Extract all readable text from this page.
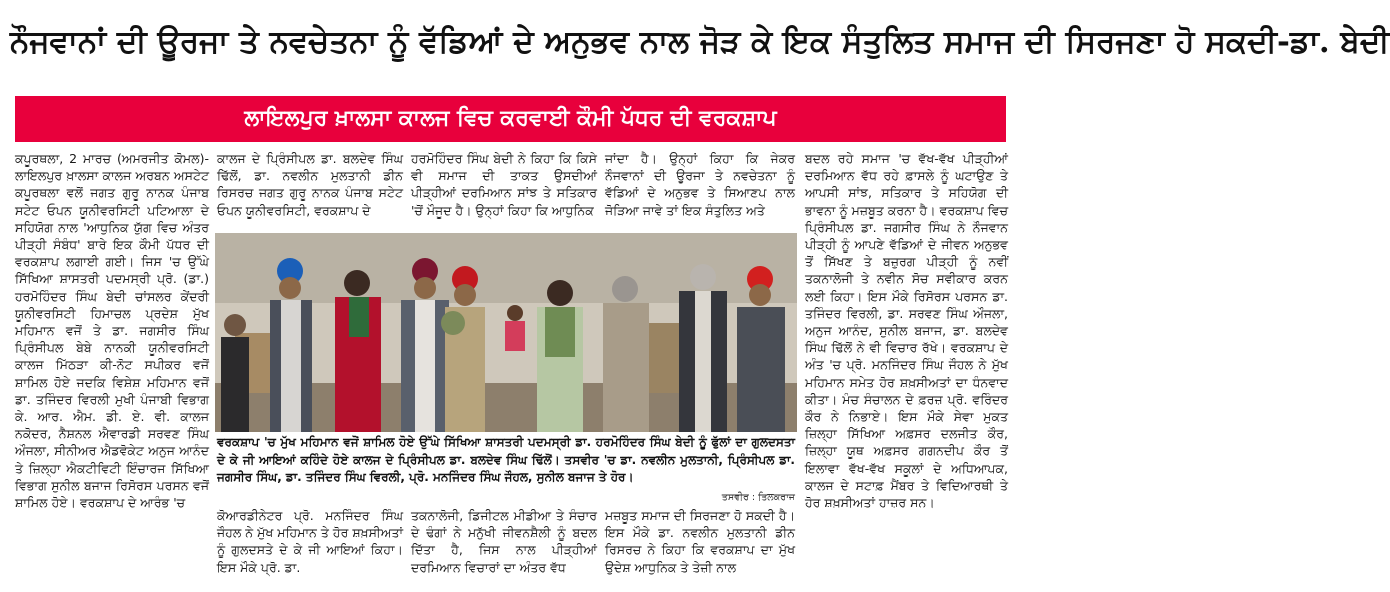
ਨੌਜਵਾਨਾਂ ਦੀ ਊਰਜਾ ਤੇ ਨਵਚੇਤਨਾ ਨੂੰ ਵੱਡਿਆਂ ਦੇ ਅਨੁਭਵ ਨਾਲ ਜੋੜ ਕੇ ਇਕ ਸੰਤੁਲਿਤ ਸਮਾਜ ਦੀ ਸਿਰਜਣਾ ਹੋ ਸਕਦੀ-ਡਾ. ਬੇਦੀ
ਲਾਇਲਪੁਰ ਖ਼ਾਲਸਾ ਕਾਲਜ ਵਿਚ ਕਰਵਾਈ ਕੌਮੀ ਪੱਧਰ ਦੀ ਵਰਕਸ਼ਾਪ

ਕਪੂਰਥਲਾ, 2 ਮਾਰਚ (ਅਮਰਜੀਤ ਕੋਮਲ)-ਲਾਇਲਪੁਰ ਖ਼ਾਲਸਾ ਕਾਲਜ ਅਰਬਨ ਅਸਟੇਟ ਕਪੂਰਥਲਾ ਵਲੋਂ ਜਗਤ ਗੁਰੂ ਨਾਨਕ ਪੰਜਾਬ ਸਟੇਟ ਓਪਨ ਯੂਨੀਵਰਸਿਟੀ ਪਟਿਆਲਾ ਦੇ ਸਹਿਯੋਗ ਨਾਲ 'ਆਧੁਨਿਕ ਯੁੱਗ ਵਿਚ ਅੰਤਰ ਪੀੜ੍ਹੀ ਸੰਬੰਧ' ਬਾਰੇ ਇਕ ਕੌਮੀ ਪੱਧਰ ਦੀ ਵਰਕਸ਼ਾਪ ਲਗਾਈ ਗਈ। ਜਿਸ 'ਚ ਉੱਘੇ ਸਿੱਖਿਆ ਸ਼ਾਸਤਰੀ ਪਦਮਸ੍ਰੀ ਪ੍ਰੋ. (ਡਾ.) ਹਰਮੋਹਿੰਦਰ ਸਿੰਘ ਬੇਦੀ ਚਾਂਸਲਰ ਕੇਂਦਰੀ ਯੂਨੀਵਰਸਿਟੀ ਹਿਮਾਚਲ ਪ੍ਰਦੇਸ਼ ਮੁੱਖ ਮਹਿਮਾਨ ਵਜੋਂ ਤੇ ਡਾ. ਜਗਸੀਰ ਸਿੰਘ ਪ੍ਰਿੰਸੀਪਲ ਬੇਬੇ ਨਾਨਕੀ ਯੂਨੀਵਰਸਿਟੀ ਕਾਲਜ ਮਿੱਠੜਾ ਕੀ-ਨੋਟ ਸਪੀਕਰ ਵਜੋਂ ਸ਼ਾਮਿਲ ਹੋਏ ਜਦਕਿ ਵਿਸ਼ੇਸ਼ ਮਹਿਮਾਨ ਵਜੋਂ ਡਾ. ਤਜਿੰਦਰ ਵਿਰਲੀ ਮੁਖੀ ਪੰਜਾਬੀ ਵਿਭਾਗ ਕੇ. ਆਰ. ਐਮ. ਡੀ. ਏ. ਵੀ. ਕਾਲਜ ਨਕੋਦਰ, ਨੈਸ਼ਨਲ ਐਵਾਰਡੀ ਸਰਵਣ ਸਿੰਘ ਔਜਲਾ, ਸੀਨੀਅਰ ਐਡਵੋਕੇਟ ਅਨੁਜ ਆਨੰਦ ਤੇ ਜ਼ਿਲ੍ਹਾ ਐਕਟੀਵਿਟੀ ਇੰਚਾਰਜ ਸਿੱਖਿਆ ਵਿਭਾਗ ਸੁਨੀਲ ਬਜਾਜ ਰਿਸੋਰਸ ਪਰਸਨ ਵਜੋਂ ਸ਼ਾਮਿਲ ਹੋਏ। ਵਰਕਸ਼ਾਪ ਦੇ ਆਰੰਭ 'ਚ

ਕਾਲਜ ਦੇ ਪ੍ਰਿੰਸੀਪਲ ਡਾ. ਬਲਦੇਵ ਸਿੰਘ ਢਿੱਲੋਂ, ਡਾ. ਨਵਲੀਨ ਮੁਲਤਾਨੀ ਡੀਨ ਰਿਸਰਚ ਜਗਤ ਗੁਰੂ ਨਾਨਕ ਪੰਜਾਬ ਸਟੇਟ ਓਪਨ ਯੂਨੀਵਰਸਿਟੀ, ਵਰਕਸ਼ਾਪ ਦੇ

ਹਰਮੋਹਿੰਦਰ ਸਿੰਘ ਬੇਦੀ ਨੇ ਕਿਹਾ ਕਿ ਕਿਸੇ ਵੀ ਸਮਾਜ ਦੀ ਤਾਕਤ ਉਸਦੀਆਂ ਪੀੜ੍ਹੀਆਂ ਦਰਮਿਆਨ ਸਾਂਝ ਤੇ ਸਤਿਕਾਰ 'ਚੋਂ ਮੌਜੂਦ ਹੈ। ਉਨ੍ਹਾਂ ਕਿਹਾ ਕਿ ਆਧੁਨਿਕ

ਜਾਂਦਾ ਹੈ। ਉਨ੍ਹਾਂ ਕਿਹਾ ਕਿ ਜੇਕਰ ਨੌਜਵਾਨਾਂ ਦੀ ਊਰਜਾ ਤੇ ਨਵਚੇਤਨਾ ਨੂੰ ਵੱਡਿਆਂ ਦੇ ਅਨੁਭਵ ਤੇ ਸਿਆਣਪ ਨਾਲ ਜੋੜਿਆ ਜਾਵੇ ਤਾਂ ਇਕ ਸੰਤੁਲਿਤ ਅਤੇ

ਬਦਲ ਰਹੇ ਸਮਾਜ 'ਚ ਵੱਖ-ਵੱਖ ਪੀੜ੍ਹੀਆਂ ਦਰਮਿਆਨ ਵੱਧ ਰਹੇ ਫ਼ਾਸਲੇ ਨੂੰ ਘਟਾਉਣ ਤੇ ਆਪਸੀ ਸਾਂਝ, ਸਤਿਕਾਰ ਤੇ ਸਹਿਯੋਗ ਦੀ ਭਾਵਨਾ ਨੂੰ ਮਜ਼ਬੂਤ ਕਰਨਾ ਹੈ। ਵਰਕਸ਼ਾਪ ਵਿਚ ਪ੍ਰਿੰਸੀਪਲ ਡਾ. ਜਗਸੀਰ ਸਿੰਘ ਨੇ ਨੌਜਵਾਨ ਪੀੜ੍ਹੀ ਨੂੰ ਆਪਣੇ ਵੱਡਿਆਂ ਦੇ ਜੀਵਨ ਅਨੁਭਵ ਤੋਂ ਸਿੱਖਣ ਤੇ ਬਜ਼ੁਰਗ ਪੀੜ੍ਹੀ ਨੂੰ ਨਵੀਂ ਤਕਨਾਲੋਜੀ ਤੇ ਨਵੀਨ ਸੋਚ ਸਵੀਕਾਰ ਕਰਨ ਲਈ ਕਿਹਾ। ਇਸ ਮੌਕੇ ਰਿਸੋਰਸ ਪਰਸਨ ਡਾ. ਤਜਿੰਦਰ ਵਿਰਲੀ, ਡਾ. ਸਰਵਣ ਸਿੰਘ ਔਜਲਾ, ਅਨੁਜ ਆਨੰਦ, ਸੁਨੀਲ ਬਜਾਜ, ਡਾ. ਬਲਦੇਵ ਸਿੰਘ ਢਿੱਲੋਂ ਨੇ ਵੀ ਵਿਚਾਰ ਰੱਖੇ। ਵਰਕਸ਼ਾਪ ਦੇ ਅੰਤ 'ਚ ਪ੍ਰੋ. ਮਨਜਿੰਦਰ ਸਿੰਘ ਜੌਹਲ ਨੇ ਮੁੱਖ ਮਹਿਮਾਨ ਸਮੇਤ ਹੋਰ ਸ਼ਖ਼ਸੀਅਤਾਂ ਦਾ ਧੰਨਵਾਦ ਕੀਤਾ। ਮੰਚ ਸੰਚਾਲਨ ਦੇ ਫ਼ਰਜ਼ ਪ੍ਰੋ. ਵਰਿੰਦਰ ਕੌਰ ਨੇ ਨਿਭਾਏ। ਇਸ ਮੌਕੇ ਸੇਵਾ ਮੁਕਤ ਜ਼ਿਲ੍ਹਾ ਸਿੱਖਿਆ ਅਫ਼ਸਰ ਦਲਜੀਤ ਕੌਰ, ਜ਼ਿਲ੍ਹਾ ਯੂਥ ਅਫ਼ਸਰ ਗਗਨਦੀਪ ਕੌਰ ਤੋਂ ਇਲਾਵਾ ਵੱਖ-ਵੱਖ ਸਕੂਲਾਂ ਦੇ ਅਧਿਆਪਕ, ਕਾਲਜ ਦੇ ਸਟਾਫ਼ ਮੈਂਬਰ ਤੇ ਵਿਦਿਆਰਥੀ ਤੇ ਹੋਰ ਸ਼ਖ਼ਸੀਅਤਾਂ ਹਾਜ਼ਰ ਸਨ।

ਵਰਕਸ਼ਾਪ 'ਚ ਮੁੱਖ ਮਹਿਮਾਨ ਵਜੋਂ ਸ਼ਾਮਿਲ ਹੋਏ ਉੱਘੇ ਸਿੱਖਿਆ ਸ਼ਾਸਤਰੀ ਪਦਮਸ੍ਰੀ ਡਾ. ਹਰਮੋਹਿੰਦਰ ਸਿੰਘ ਬੇਦੀ ਨੂੰ ਫੁੱਲਾਂ ਦਾ ਗੁਲਦਸਤਾ ਦੇ ਕੇ ਜੀ ਆਇਆਂ ਕਹਿੰਦੇ ਹੋਏ ਕਾਲਜ ਦੇ ਪ੍ਰਿੰਸੀਪਲ ਡਾ. ਬਲਦੇਵ ਸਿੰਘ ਢਿੱਲੋਂ। ਤਸਵੀਰ 'ਚ ਡਾ. ਨਵਲੀਨ ਮੁਲਤਾਨੀ, ਪ੍ਰਿੰਸੀਪਲ ਡਾ. ਜਗਸੀਰ ਸਿੰਘ, ਡਾ. ਤਜਿੰਦਰ ਸਿੰਘ ਵਿਰਲੀ, ਪ੍ਰੋ. ਮਨਜਿੰਦਰ ਸਿੰਘ ਜੌਹਲ, ਸੁਨੀਲ ਬਜਾਜ ਤੇ ਹੋਰ।
ਤਸਵੀਰ : ਤਿਲਕਰਾਜ

ਕੋਆਰਡੀਨੇਟਰ ਪ੍ਰੋ. ਮਨਜਿੰਦਰ ਸਿੰਘ ਜੌਹਲ ਨੇ ਮੁੱਖ ਮਹਿਮਾਨ ਤੇ ਹੋਰ ਸ਼ਖ਼ਸੀਅਤਾਂ ਨੂੰ ਗੁਲਦਸਤੇ ਦੇ ਕੇ ਜੀ ਆਇਆਂ ਕਿਹਾ। ਇਸ ਮੌਕੇ ਪ੍ਰੋ. ਡਾ.

ਤਕਨਾਲੋਜੀ, ਡਿਜੀਟਲ ਮੀਡੀਆ ਤੇ ਸੰਚਾਰ ਦੇ ਢੰਗਾਂ ਨੇ ਮਨੁੱਖੀ ਜੀਵਨਸ਼ੈਲੀ ਨੂੰ ਬਦਲ ਦਿੱਤਾ ਹੈ, ਜਿਸ ਨਾਲ ਪੀੜ੍ਹੀਆਂ ਦਰਮਿਆਨ ਵਿਚਾਰਾਂ ਦਾ ਅੰਤਰ ਵੱਧ

ਮਜ਼ਬੂਤ ਸਮਾਜ ਦੀ ਸਿਰਜਣਾ ਹੋ ਸਕਦੀ ਹੈ। ਇਸ ਮੌਕੇ ਡਾ. ਨਵਲੀਨ ਮੁਲਤਾਨੀ ਡੀਨ ਰਿਸਰਚ ਨੇ ਕਿਹਾ ਕਿ ਵਰਕਸ਼ਾਪ ਦਾ ਮੁੱਖ ਉਦੇਸ਼ ਆਧੁਨਿਕ ਤੇ ਤੇਜ਼ੀ ਨਾਲ
